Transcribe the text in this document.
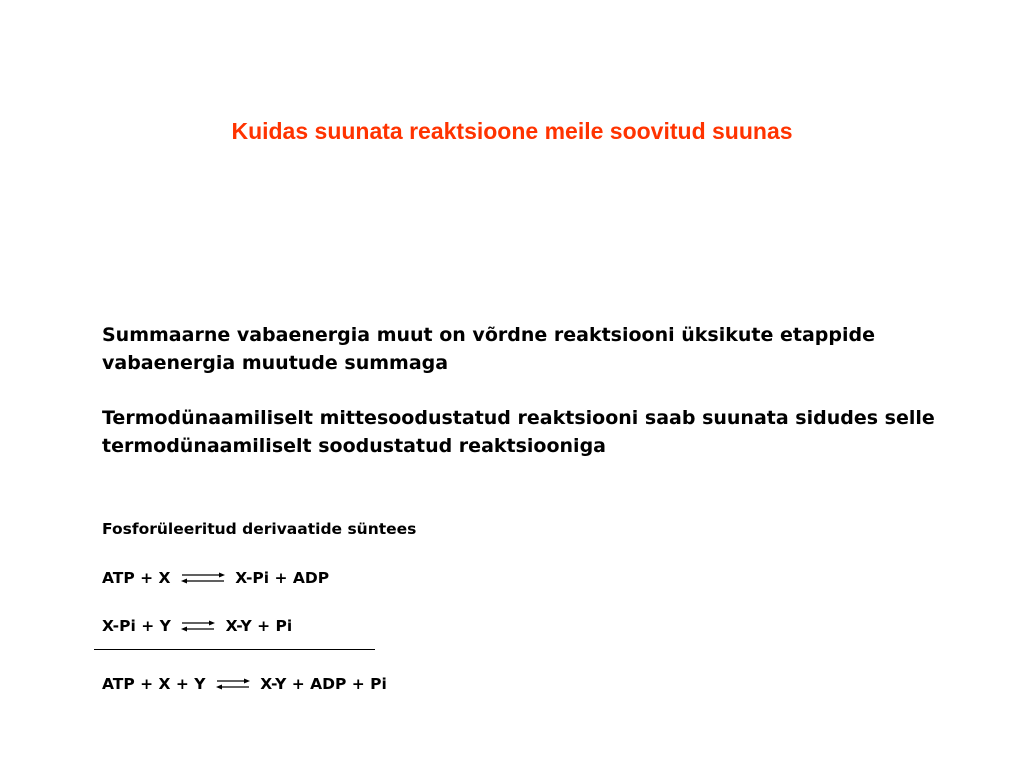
Kuidas suunata reaktsioone meile soovitud suunas

Summaarne vabaenergia muut on võrdne reaktsiooni üksikute etappide vabaenergia muutude summaga

Termodünaamiliselt mittesoodustatud reaktsiooni saab suunata sidudes selle termodünaamiliselt soodustatud reaktsiooniga

Fosforüleeritud derivaatide süntees

ATP + X ⇌ X-Pi + ADP
X-Pi + Y ⇌ X-Y + Pi
ATP + X + Y ⇌ X-Y + ADP + Pi
